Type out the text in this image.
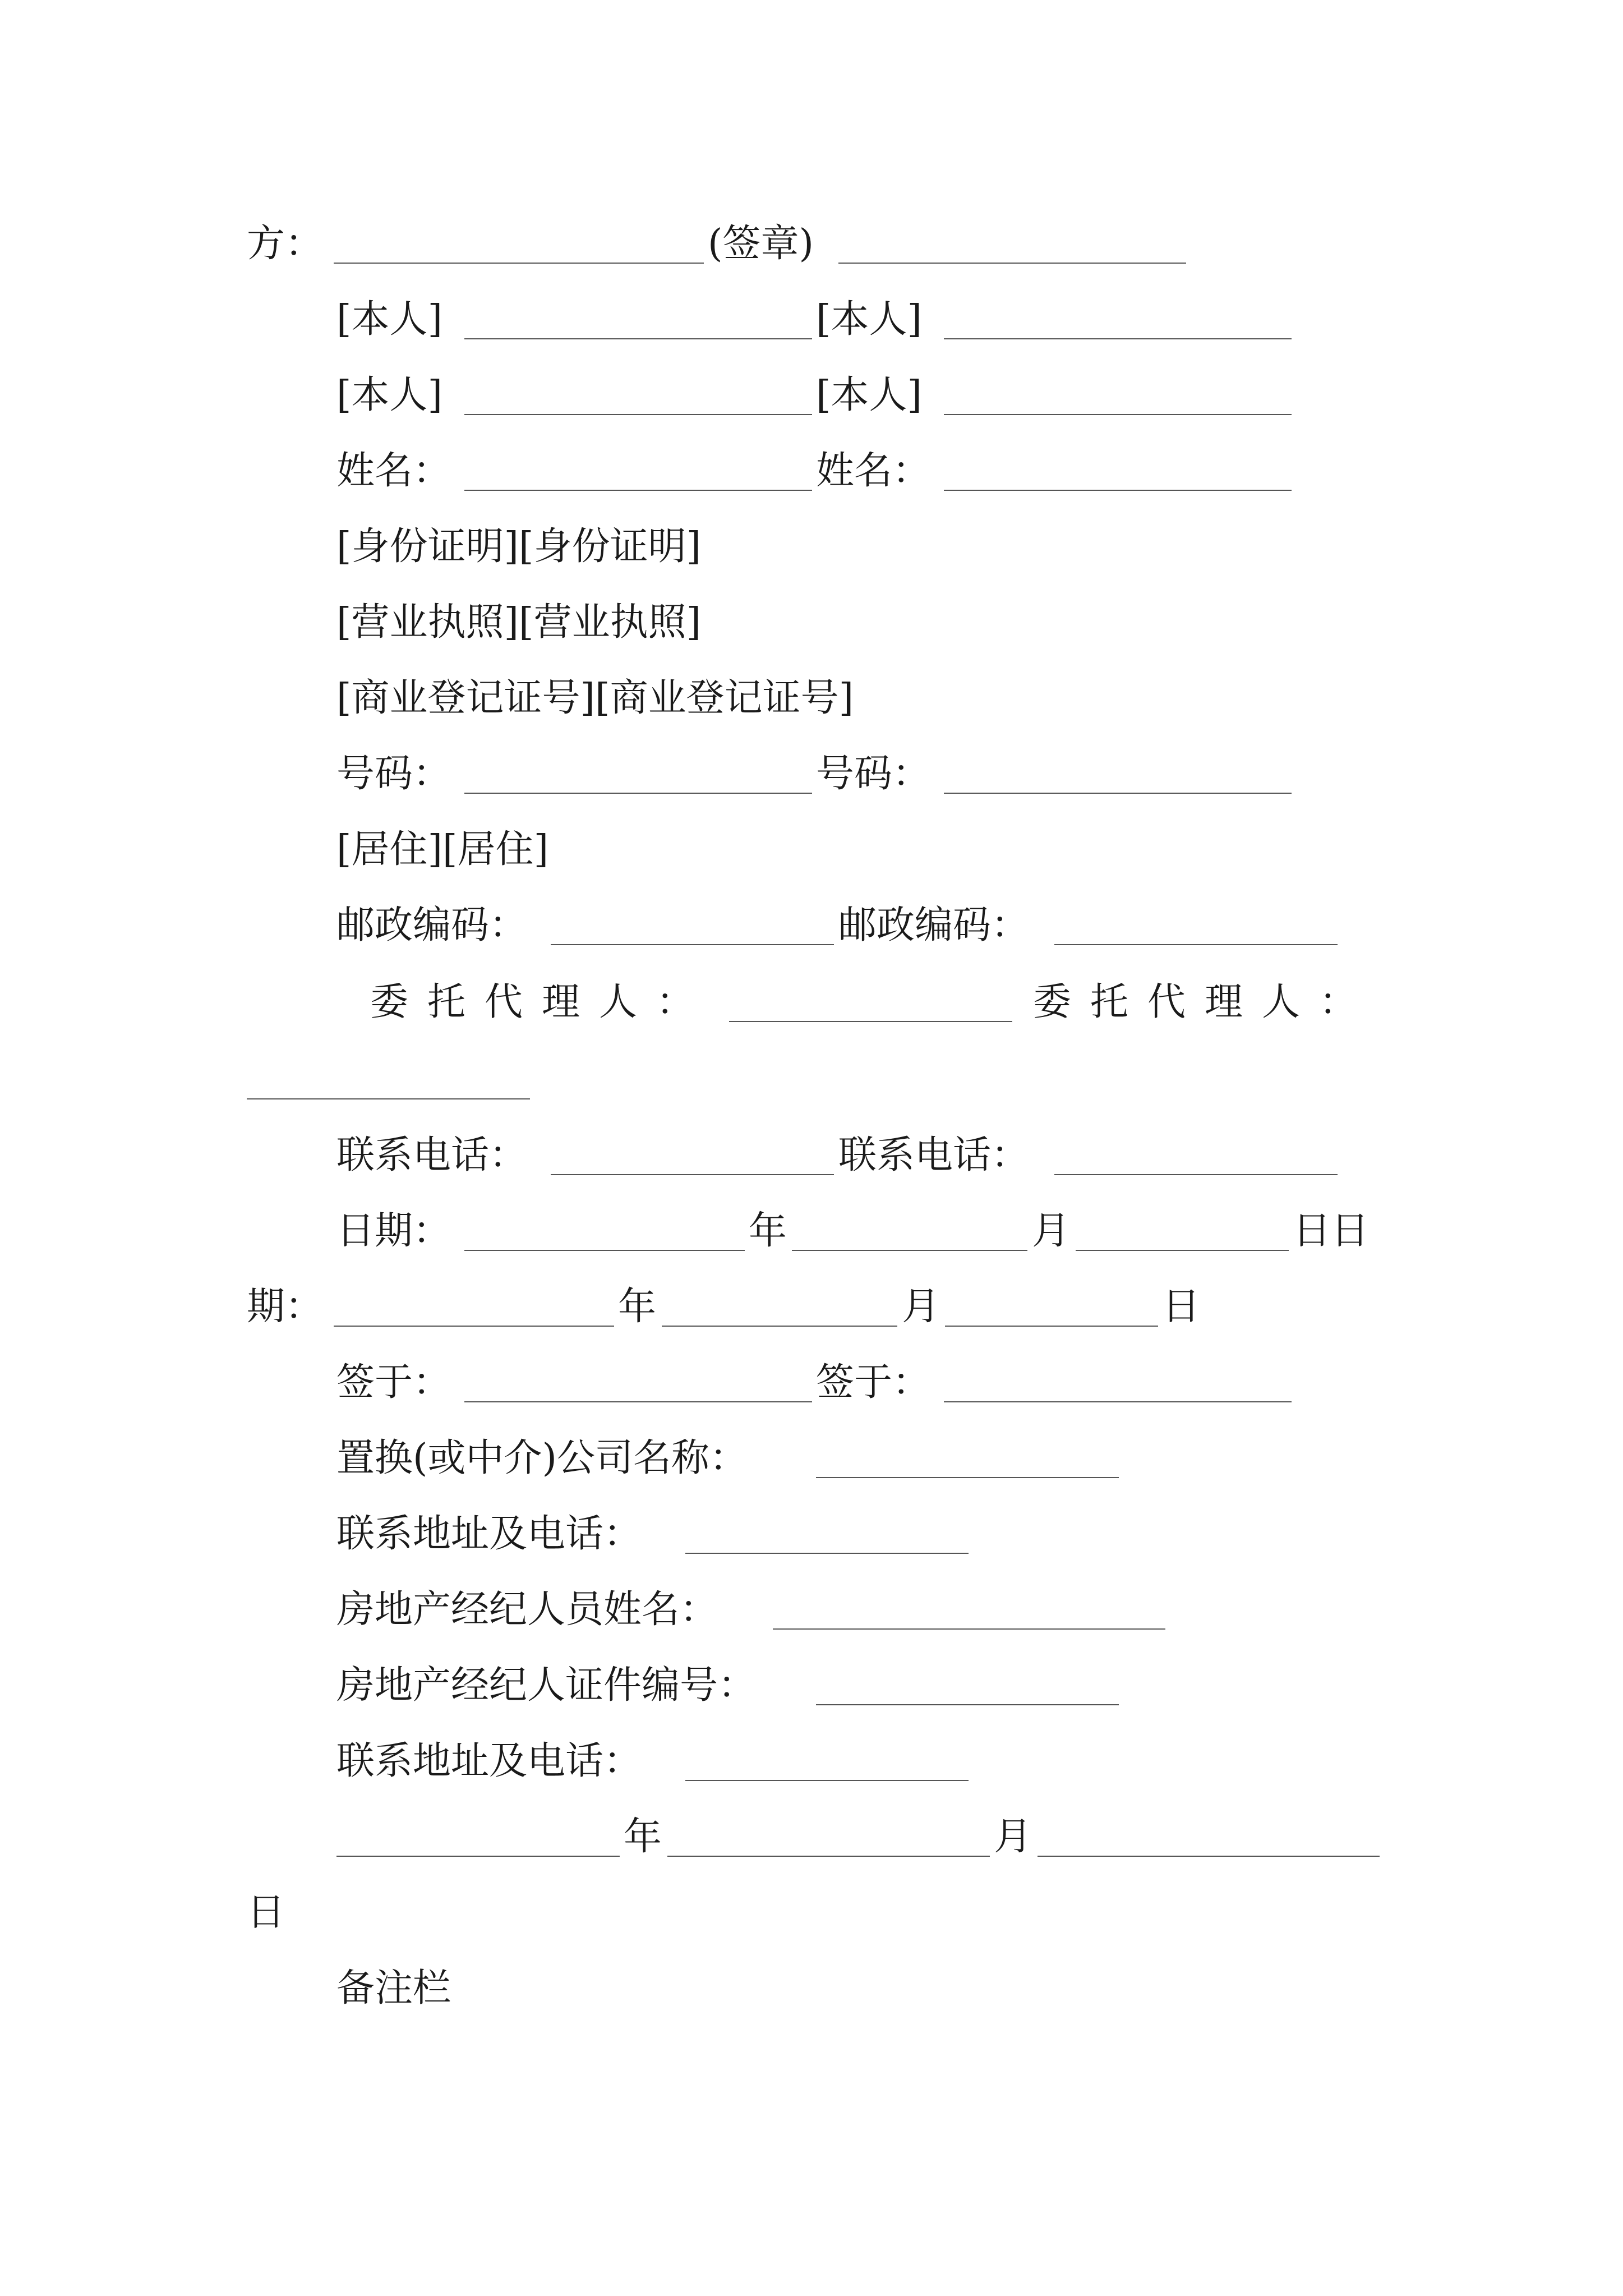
方：	(签章)
[本人]	[本人]
[本人]	[本人]
姓名：	姓名：
[身份证明][身份证明]
[营业执照][营业执照]
[商业登记证号][商业登记证号]
号码：	号码：
[居住][居住]
邮政编码：	邮政编码：
委托代理人：	委托代理人：
联系电话：	联系电话：
日期：	年	月	日日
期：	年	月	日
签于：	签于：
置换(或中介)公司名称：
联系地址及电话：
房地产经纪人员姓名：
房地产经纪人证件编号：
联系地址及电话：
年	月
日
备注栏
